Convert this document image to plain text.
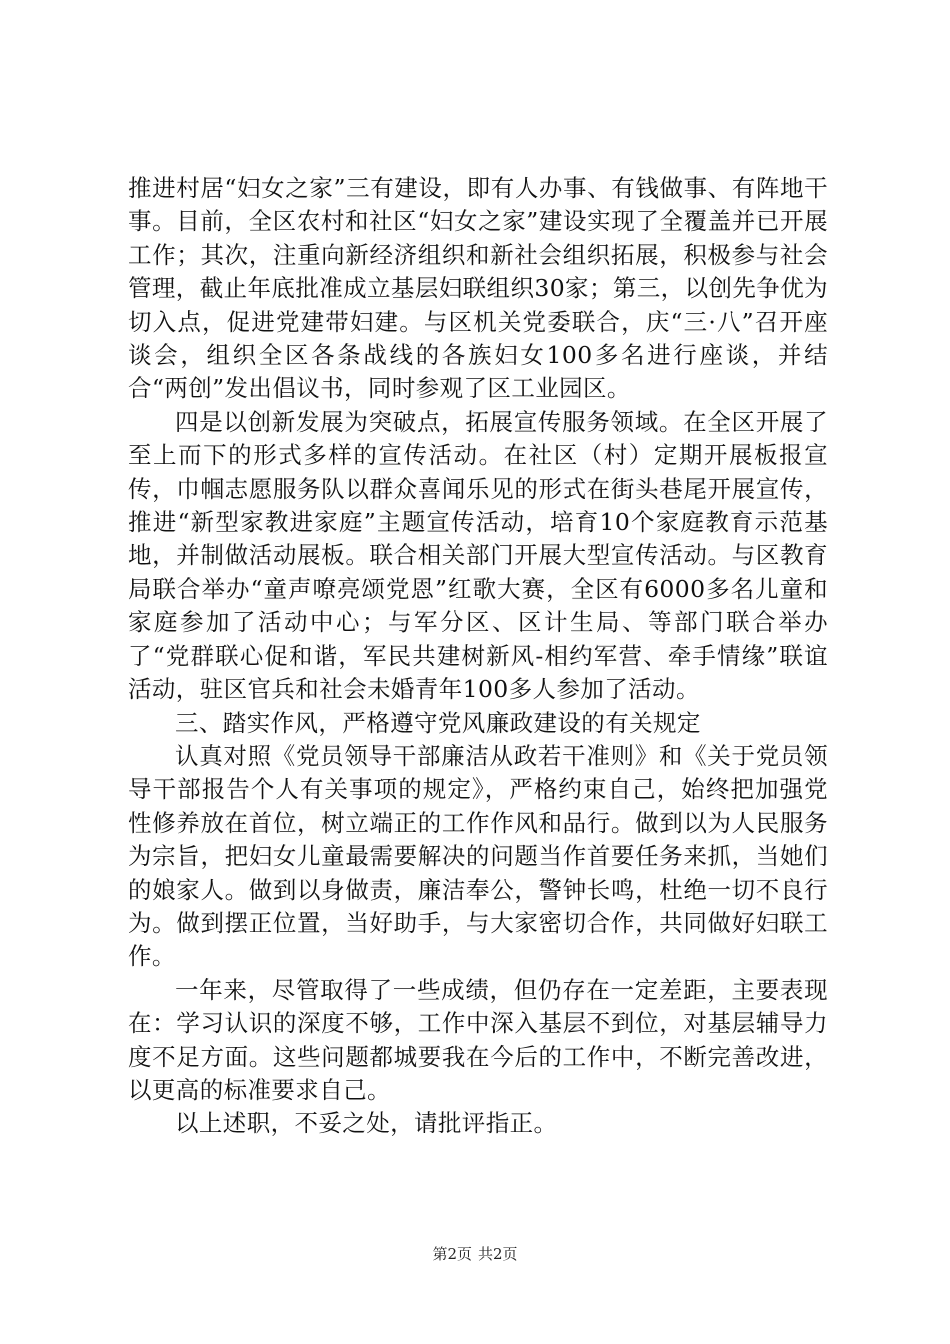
推进村居“妇女之家”三有建设，即有人办事、有钱做事、有阵地干事。目前，全区农村和社区“妇女之家”建设实现了全覆盖并已开展工作；其次，注重向新经济组织和新社会组织拓展，积极参与社会管理，截止年底批准成立基层妇联组织30家；第三，以创先争优为切入点，促进党建带妇建。与区机关党委联合，庆“三·八”召开座谈会，组织全区各条战线的各族妇女100多名进行座谈，并结合“两创”发出倡议书，同时参观了区工业园区。

四是以创新发展为突破点，拓展宣传服务领域。在全区开展了至上而下的形式多样的宣传活动。在社区（村）定期开展板报宣传，巾帼志愿服务队以群众喜闻乐见的形式在街头巷尾开展宣传，推进“新型家教进家庭”主题宣传活动，培育10个家庭教育示范基地，并制做活动展板。联合相关部门开展大型宣传活动。与区教育局联合举办“童声嘹亮颂党恩”红歌大赛，全区有6000多名儿童和家庭参加了活动中心；与军分区、区计生局、等部门联合举办了“党群联心促和谐，军民共建树新风-相约军营、牵手情缘”联谊活动，驻区官兵和社会未婚青年100多人参加了活动。

三、踏实作风，严格遵守党风廉政建设的有关规定

认真对照《党员领导干部廉洁从政若干准则》和《关于党员领导干部报告个人有关事项的规定》，严格约束自己，始终把加强党性修养放在首位，树立端正的工作作风和品行。做到以为人民服务为宗旨，把妇女儿童最需要解决的问题当作首要任务来抓，当她们的娘家人。做到以身做责，廉洁奉公，警钟长鸣，杜绝一切不良行为。做到摆正位置，当好助手，与大家密切合作，共同做好妇联工作。

一年来，尽管取得了一些成绩，但仍存在一定差距，主要表现在：学习认识的深度不够，工作中深入基层不到位，对基层辅导力度不足方面。这些问题都城要我在今后的工作中，不断完善改进，以更高的标准要求自己。

以上述职，不妥之处，请批评指正。

第2页 共2页
